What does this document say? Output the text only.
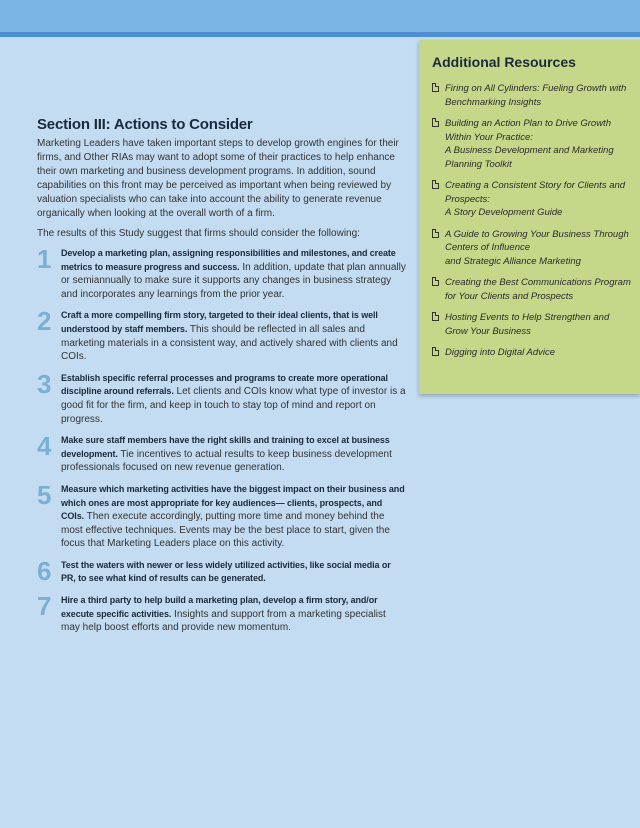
Section III: Actions to Consider

Marketing Leaders have taken important steps to develop growth engines for their firms, and Other RIAs may want to adopt some of their practices to help enhance their own marketing and business development programs. In addition, sound capabilities on this front may be perceived as important when being reviewed by valuation specialists who can take into account the ability to generate revenue organically when looking at the overall worth of a firm.

The results of this Study suggest that firms should consider the following:

1 Develop a marketing plan, assigning responsibilities and milestones, and create metrics to measure progress and success. In addition, update that plan annually or semiannually to make sure it supports any changes in business strategy and incorporates any learnings from the prior year.
2 Craft a more compelling firm story, targeted to their ideal clients, that is well understood by staff members. This should be reflected in all sales and marketing materials in a consistent way, and actively shared with clients and COIs.
3 Establish specific referral processes and programs to create more operational discipline around referrals. Let clients and COIs know what type of investor is a good fit for the firm, and keep in touch to stay top of mind and report on progress.
4 Make sure staff members have the right skills and training to excel at business development. Tie incentives to actual results to keep business development professionals focused on new revenue generation.
5 Measure which marketing activities have the biggest impact on their business and which ones are most appropriate for key audiences— clients, prospects, and COIs. Then execute accordingly, putting more time and money behind the most effective techniques. Events may be the best place to start, given the focus that Marketing Leaders place on this activity.
6 Test the waters with newer or less widely utilized activities, like social media or PR, to see what kind of results can be generated.
7 Hire a third party to help build a marketing plan, develop a firm story, and/or execute specific activities. Insights and support from a marketing specialist may help boost efforts and provide new momentum.
Additional Resources
Firing on All Cylinders: Fueling Growth with
Benchmarking Insights
Building an Action Plan to Drive Growth
Within Your Practice:
A Business Development and Marketing
Planning Toolkit
Creating a Consistent Story for Clients and
Prospects:
A Story Development Guide
A Guide to Growing Your Business Through
Centers of Influence
and Strategic Alliance Marketing
Creating the Best Communications Program
for Your Clients and Prospects
Hosting Events to Help Strengthen and
Grow Your Business
Digging into Digital Advice
